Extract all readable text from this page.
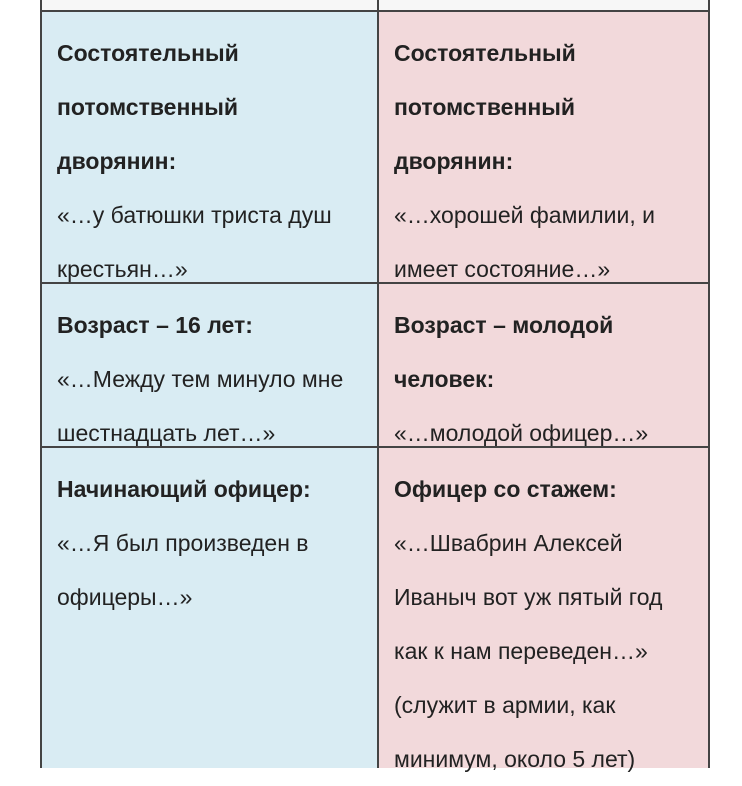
Состоятельный потомственный дворянин:
«…у батюшки триста душ крестьян…»
Состоятельный потомственный дворянин:
«…хорошей фамилии, и имеет состояние…»
Возраст – 16 лет:
«…Между тем минуло мне шестнадцать лет…»
Возраст – молодой человек:
«…молодой офицер…»
Начинающий офицер:
«…Я был произведен в офицеры…»
Офицер со стажем:
«…Швабрин Алексей Иваныч вот уж пятый год как к нам переведен…» (служит в армии, как минимум, около 5 лет)
